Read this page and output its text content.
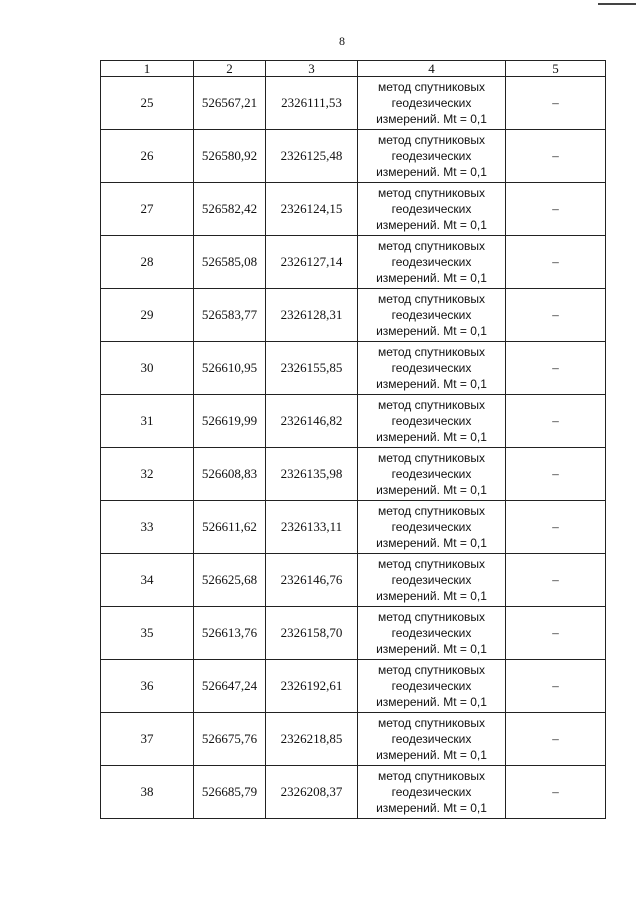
8
1	2	3	4	5
25	526567,21	2326111,53	метод спутниковых
геодезических
измерений. Mt = 0,1	–
26	526580,92	2326125,48	метод спутниковых
геодезических
измерений. Mt = 0,1	–
27	526582,42	2326124,15	метод спутниковых
геодезических
измерений. Mt = 0,1	–
28	526585,08	2326127,14	метод спутниковых
геодезических
измерений. Mt = 0,1	–
29	526583,77	2326128,31	метод спутниковых
геодезических
измерений. Mt = 0,1	–
30	526610,95	2326155,85	метод спутниковых
геодезических
измерений. Mt = 0,1	–
31	526619,99	2326146,82	метод спутниковых
геодезических
измерений. Mt = 0,1	–
32	526608,83	2326135,98	метод спутниковых
геодезических
измерений. Mt = 0,1	–
33	526611,62	2326133,11	метод спутниковых
геодезических
измерений. Mt = 0,1	–
34	526625,68	2326146,76	метод спутниковых
геодезических
измерений. Mt = 0,1	–
35	526613,76	2326158,70	метод спутниковых
геодезических
измерений. Mt = 0,1	–
36	526647,24	2326192,61	метод спутниковых
геодезических
измерений. Mt = 0,1	–
37	526675,76	2326218,85	метод спутниковых
геодезических
измерений. Mt = 0,1	–
38	526685,79	2326208,37	метод спутниковых
геодезических
измерений. Mt = 0,1	–
